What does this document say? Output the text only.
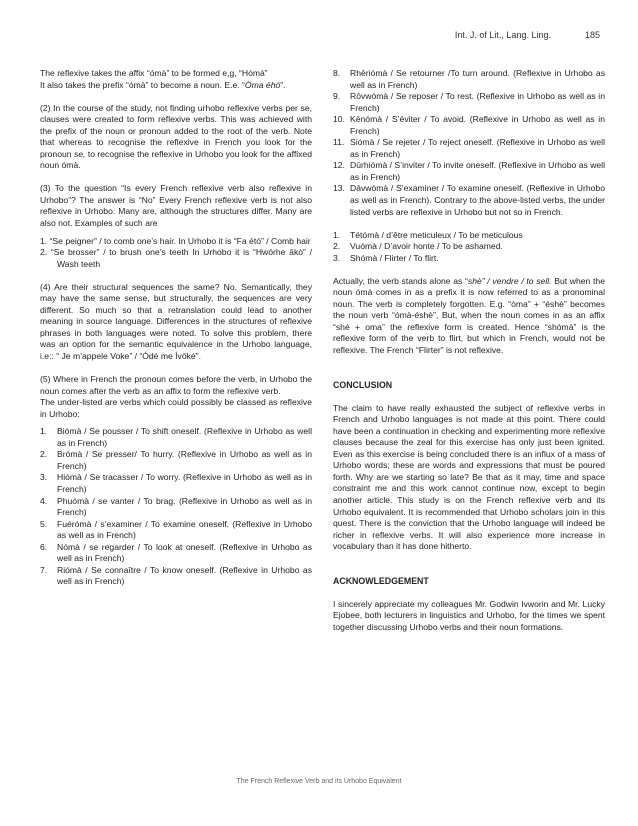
Int. J. of Lit., Lang. Ling.	185

The reflexive takes the affix “ómà” to be formed e,g, “Hómà”

It also takes the prefix “ómà” to become a noun. E.e. “Òma éhó”.

(2) In the course of the study, not finding urhobo reflexive verbs per se, clauses were created to form reflexive verbs. This was achieved with the prefix of the noun or pronoun added to the root of the verb. Note that whereas to recognise the reflexive in French you look for the pronoun se, to recognise the reflexive in Urhobo you look for the affixed noun ómà.

(3) To the question “Is every French reflexive verb also reflexive in Urhobo”? The answer is “No” Every French reflexive verb is not also reflexive in Urhobo. Many are, although the structures differ. Many are also not. Examples of such are

1. “Se peigner” / to comb one’s hair. In Urhobo it is “Fa étó” / Comb hair

2. “Se brosser” / to brush one’s teeth In Urhobo it is “Hwórhe ākò” / Wash teeth

(4) Are their structural sequences the same? No. Semantically, they may have the same sense, but structurally, the sequences are very different. So much so that a retranslation could lead to another meaning in source language. Differences in the structures of reflexive phrases in both languages were noted. To solve this problem, there was an option for the semantic equivalence in the Urhobo language, i.e:: “ Je m’appele Voke” / “Ódé me Ívōké”.

(5) Where in French the pronoun comes before the verb, in Urhobo the noun comes after the verb as an affix to form the reflexive verb.

The under-listed are verbs which could possibly be classed as reflexive in Urhobo:

1. Biómà / Se pousser / To shift oneself. (Reflexive in Urhobo as well as in French)
2. Brómà / Se presser/ To hurry. (Reflexive in Urhobo as well as in French)
3. Hiómà / Se tracasser / To worry. (Reflexive in Urhobo as well as in French)
4. Phuómà / se vanter / To brag. (Reflexive in Urhobo as well as in French)
5. Fuérómà / s’examiner / To examine oneself. (Reflexive in Urhobo as well as in French)
6. Nómà / se regarder / To look at oneself. (Reflexive in Urhobo as well as in French)
7. Riómà / Se connaître / To know oneself. (Reflexive in Urhobo as well as in French)
8. Rhēriómà / Se retourner /To turn around. (Reflexive in Urhobo as well as in French)
9. Rōvwómà / Se reposer / To rest. (Reflexive in Urhobo as well as in French)
10. Kēnómà / S’éviter / To avoid. (Reflexive in Urhobo as well as in French)
11. Siómà / Se rejeter / To reject oneself. (Reflexive in Urhobo as well as in French)
12. Dūrhiómà / S’inviter / To invite oneself. (Reflexive in Urhobo as well as in French)
13. Dāvwòmà / S’examiner / To examine oneself. (Reflexive in Urhobo as well as in French). Contrary to the above-listed verbs, the under listed verbs are reflexive in Urhobo but not so in French.
1. Tétómà / d’être meticuleux / To be meticulous
2. Vuómà / D’avoir honte / To be ashamed.
3. Shómà / Flirter / To flirt.

Actually, the verb stands alone as “shè” / vendre / to sell. But when the noun ómà comes in as a prefix it is now referred to as a pronominal noun. The verb is completely forgotten. E.g. “òma” + “éshè” becomes the noun verb “ómà-éshè”, But, when the noun comes in as an affix “shé + oma” the reflexive form is created. Hence “shómà” is the reflexive form of the verb to flirt, but which in French, would not be reflexive. The French “Flirter” is not reflexive.

CONCLUSION

The claim to have really exhausted the subject of reflexive verbs in French and Urhobo languages is not made at this point. There could have been a continuation in checking and experimenting more reflexive clauses because the zeal for this exercise has only just been ignited. Even as this exercise is being concluded there is an influx of a mass of Urhobo words; these are words and expressions that must be poured forth. Why are we starting so late? Be that as it may, time and space constraint me and this work cannot continue now, except to begin another article. This study is on the French reflexive verb and its Urhobo equivalent. It is recommended that Urhobo scholars join in this quest. There is the conviction that the Urhobo language will indeed be richer in reflexive verbs. It will also experience more increase in vocabulary than it has done hitherto.

ACKNOWLEDGEMENT

I sincerely appreciate my colleagues Mr. Godwin Ivworin and Mr. Lucky Ejobee, both lecturers in linguistics and Urhobo, for the times we spent together discussing Urhobo verbs and their noun formations.

The French Reflexive Verb and its Urhobo Equivalent
